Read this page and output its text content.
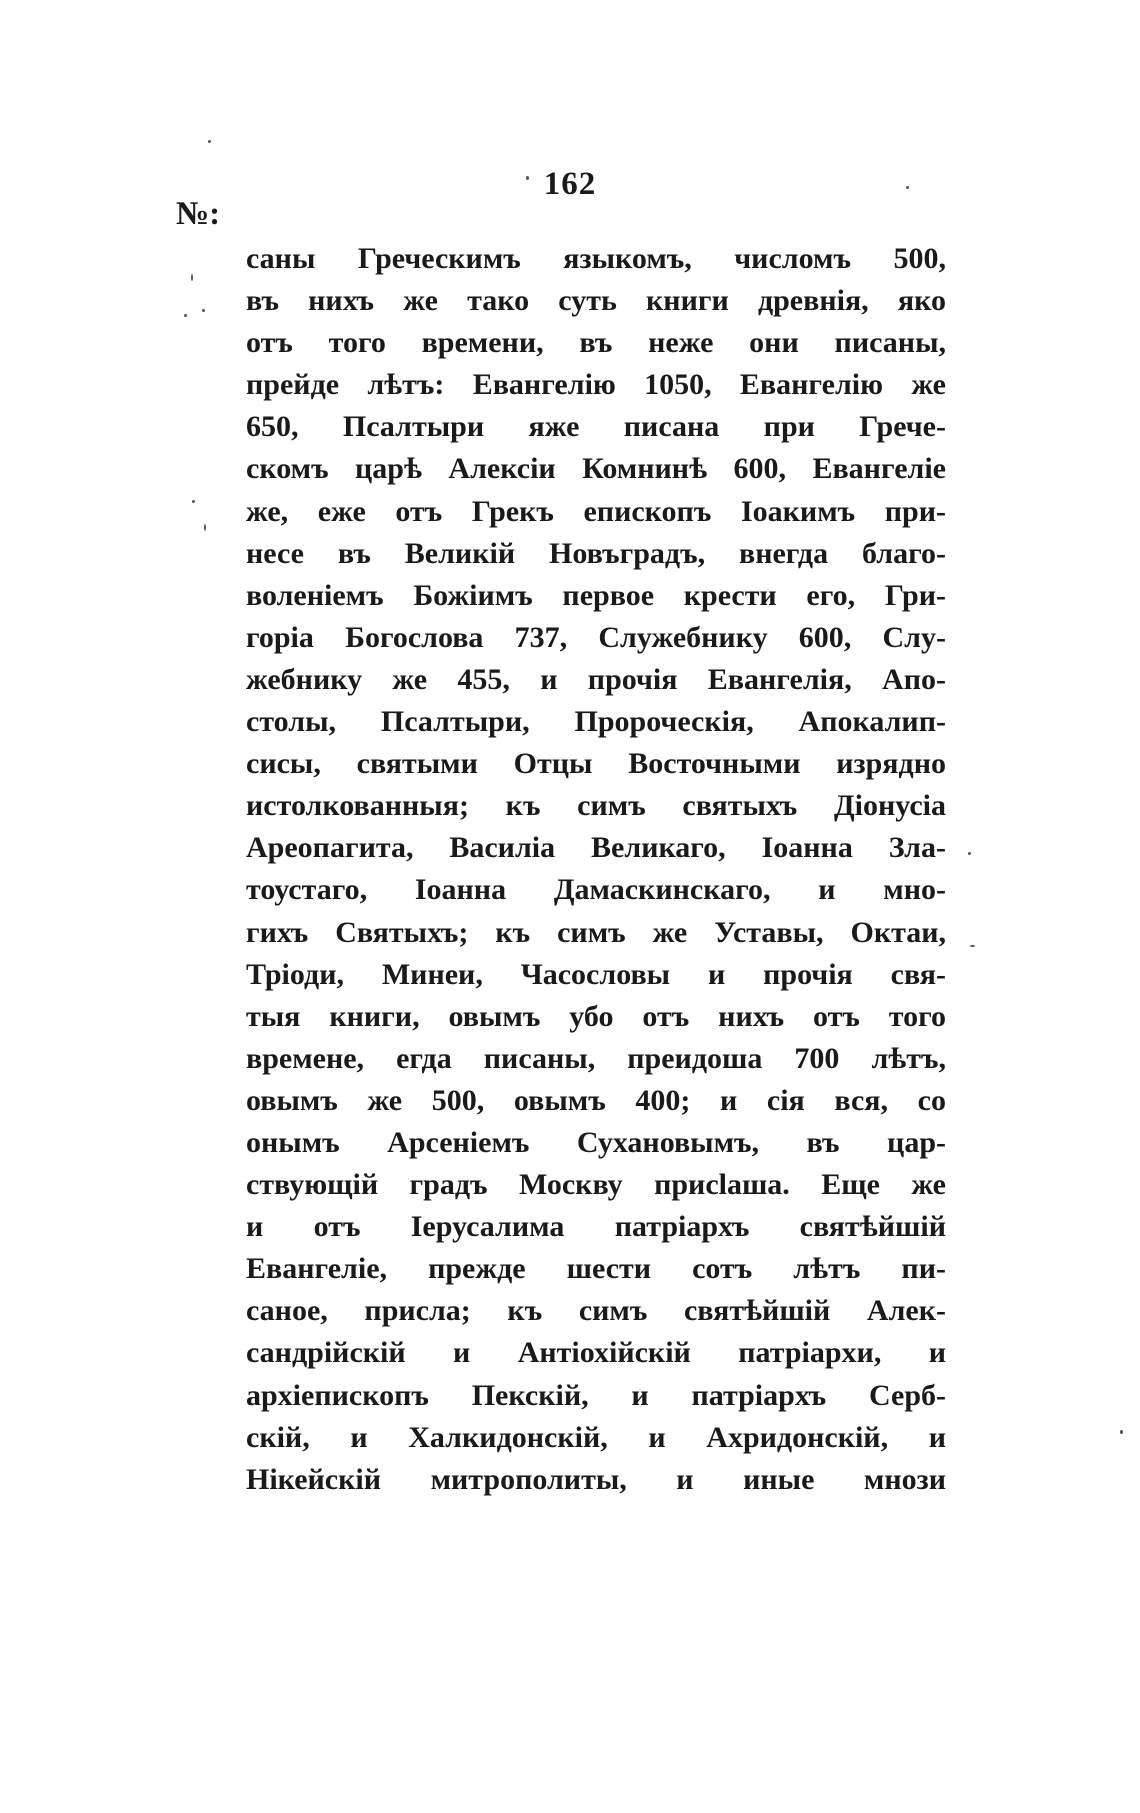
162
№:
саны Греческимъ языкомъ, числомъ 500,
въ нихъ же тако суть книги древнія, яко
отъ того времени, въ неже они писаны,
прейде лѣтъ: Евангелію 1050, Евангелію же
650, Псалтыри яже писана при Грече-
скомъ царѣ Алексіи Комнинѣ 600, Евангеліе
же, еже отъ Грекъ епископъ Іоакимъ при-
несе въ Великій Новъградъ, внегда благо-
воленіемъ Божіимъ первое крести его, Гри-
горіа Богослова 737, Служебнику 600, Слу-
жебнику же 455, и прочія Евангелія, Апо-
столы, Псалтыри, Пророческія, Апокалип-
сисы, святыми Отцы Восточными изрядно
истолкованныя; къ симъ святыхъ Діонусіа
Ареопагита, Василіа Великаго, Іоанна Зла-
тоустаго, Іоанна Дамаскинскаго, и мно-
гихъ Святыхъ; къ симъ же Уставы, Октаи,
Тріоди, Минеи, Часословы и прочія свя-
тыя книги, овымъ убо отъ нихъ отъ того
времене, егда писаны, преидоша 700 лѣтъ,
овымъ же 500, овымъ 400; и сія вся, со
онымъ Арсеніемъ Сухановымъ, въ цар-
ствующій градъ Москву присlаша. Еще же
и отъ Іерусалима патріархъ святѣйшій
Евангеліе, прежде шести сотъ лѣтъ пи-
саное, присла; къ симъ святѣйшій Алек-
сандрійскій и Антіохійскій патріархи, и
архіепископъ Пекскій, и патріархъ Серб-
скій, и Халкидонскій, и Ахридонскій, и
Нікейскій митрополиты, и иные мнози
